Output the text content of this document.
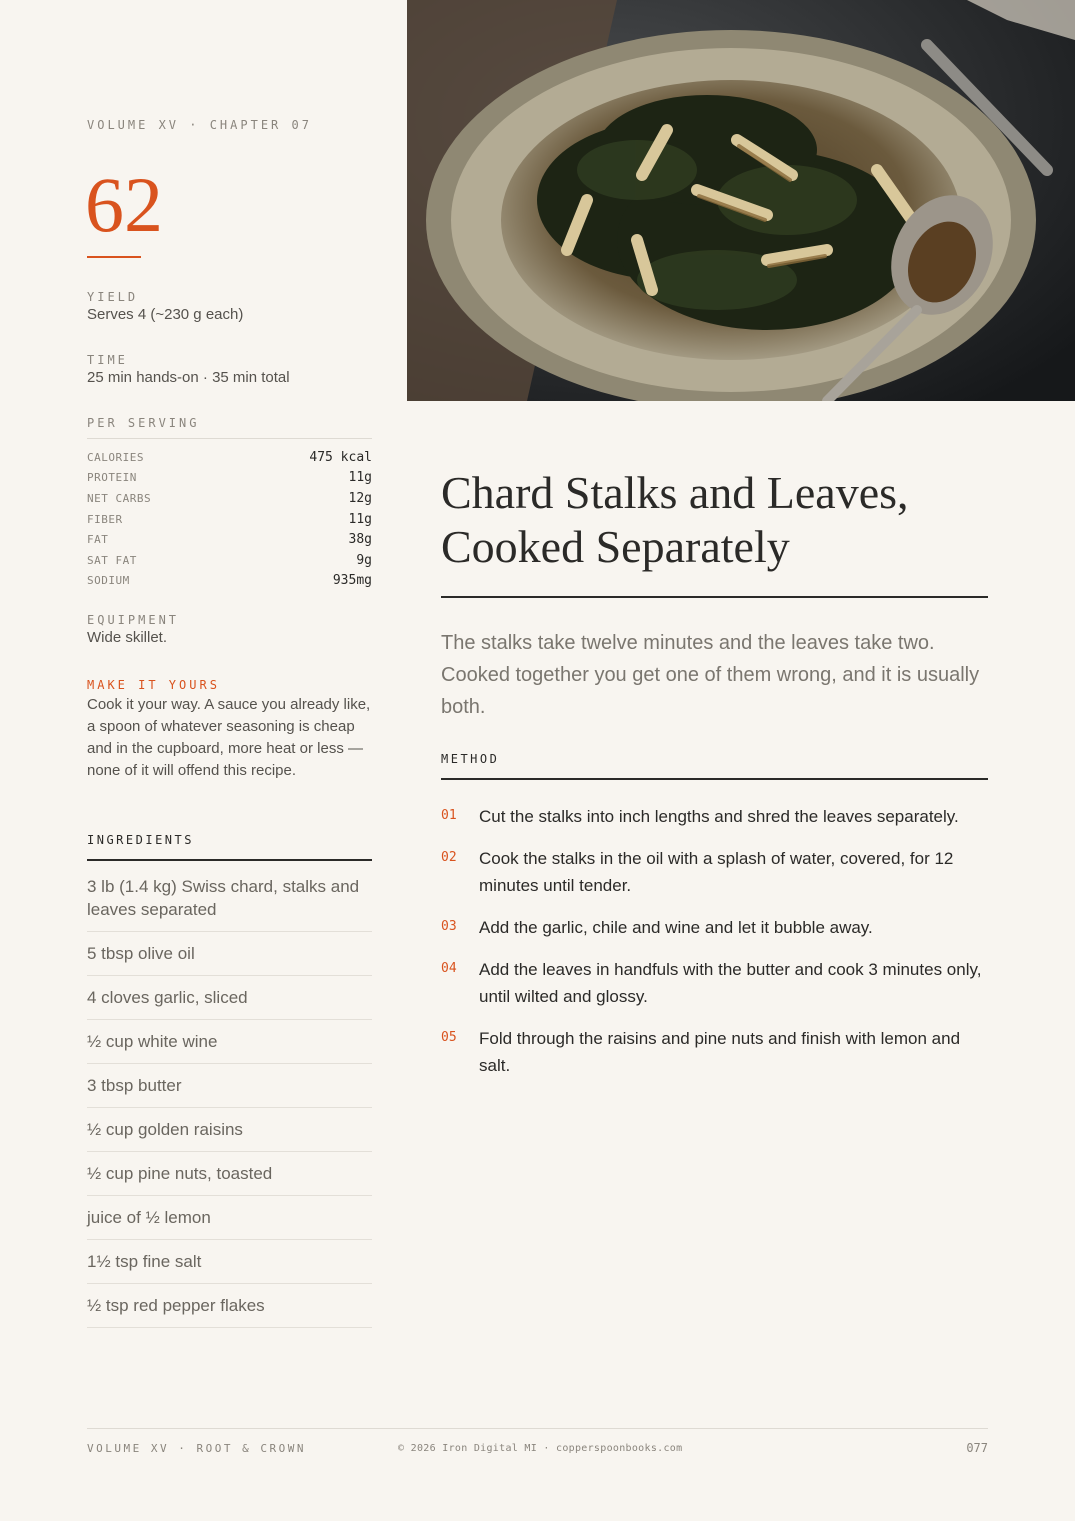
VOLUME XV · CHAPTER 07
62
YIELD
Serves 4 (~230 g each)
TIME
25 min hands-on · 35 min total
PER SERVING
CALORIES	475 kcal
PROTEIN	11g
NET CARBS	12g
FIBER	11g
FAT	38g
SAT FAT	9g
SODIUM	935mg
EQUIPMENT
Wide skillet.
MAKE IT YOURS
Cook it your way. A sauce you already like, a spoon of whatever seasoning is cheap and in the cupboard, more heat or less — none of it will offend this recipe.
INGREDIENTS
3 lb (1.4 kg) Swiss chard, stalks and leaves separated
5 tbsp olive oil
4 cloves garlic, sliced
½ cup white wine
3 tbsp butter
½ cup golden raisins
½ cup pine nuts, toasted
juice of ½ lemon
1½ tsp fine salt
½ tsp red pepper flakes
Chard Stalks and Leaves, Cooked Separately

The stalks take twelve minutes and the leaves take two. Cooked together you get one of them wrong, and it is usually both.

METHOD
01	Cut the stalks into inch lengths and shred the leaves separately.
02	Cook the stalks in the oil with a splash of water, covered, for 12 minutes until tender.
03	Add the garlic, chile and wine and let it bubble away.
04	Add the leaves in handfuls with the butter and cook 3 minutes only, until wilted and glossy.
05	Fold through the raisins and pine nuts and finish with lemon and salt.
VOLUME XV · ROOT & CROWN	© 2026 Iron Digital MI · copperspoonbooks.com	077
